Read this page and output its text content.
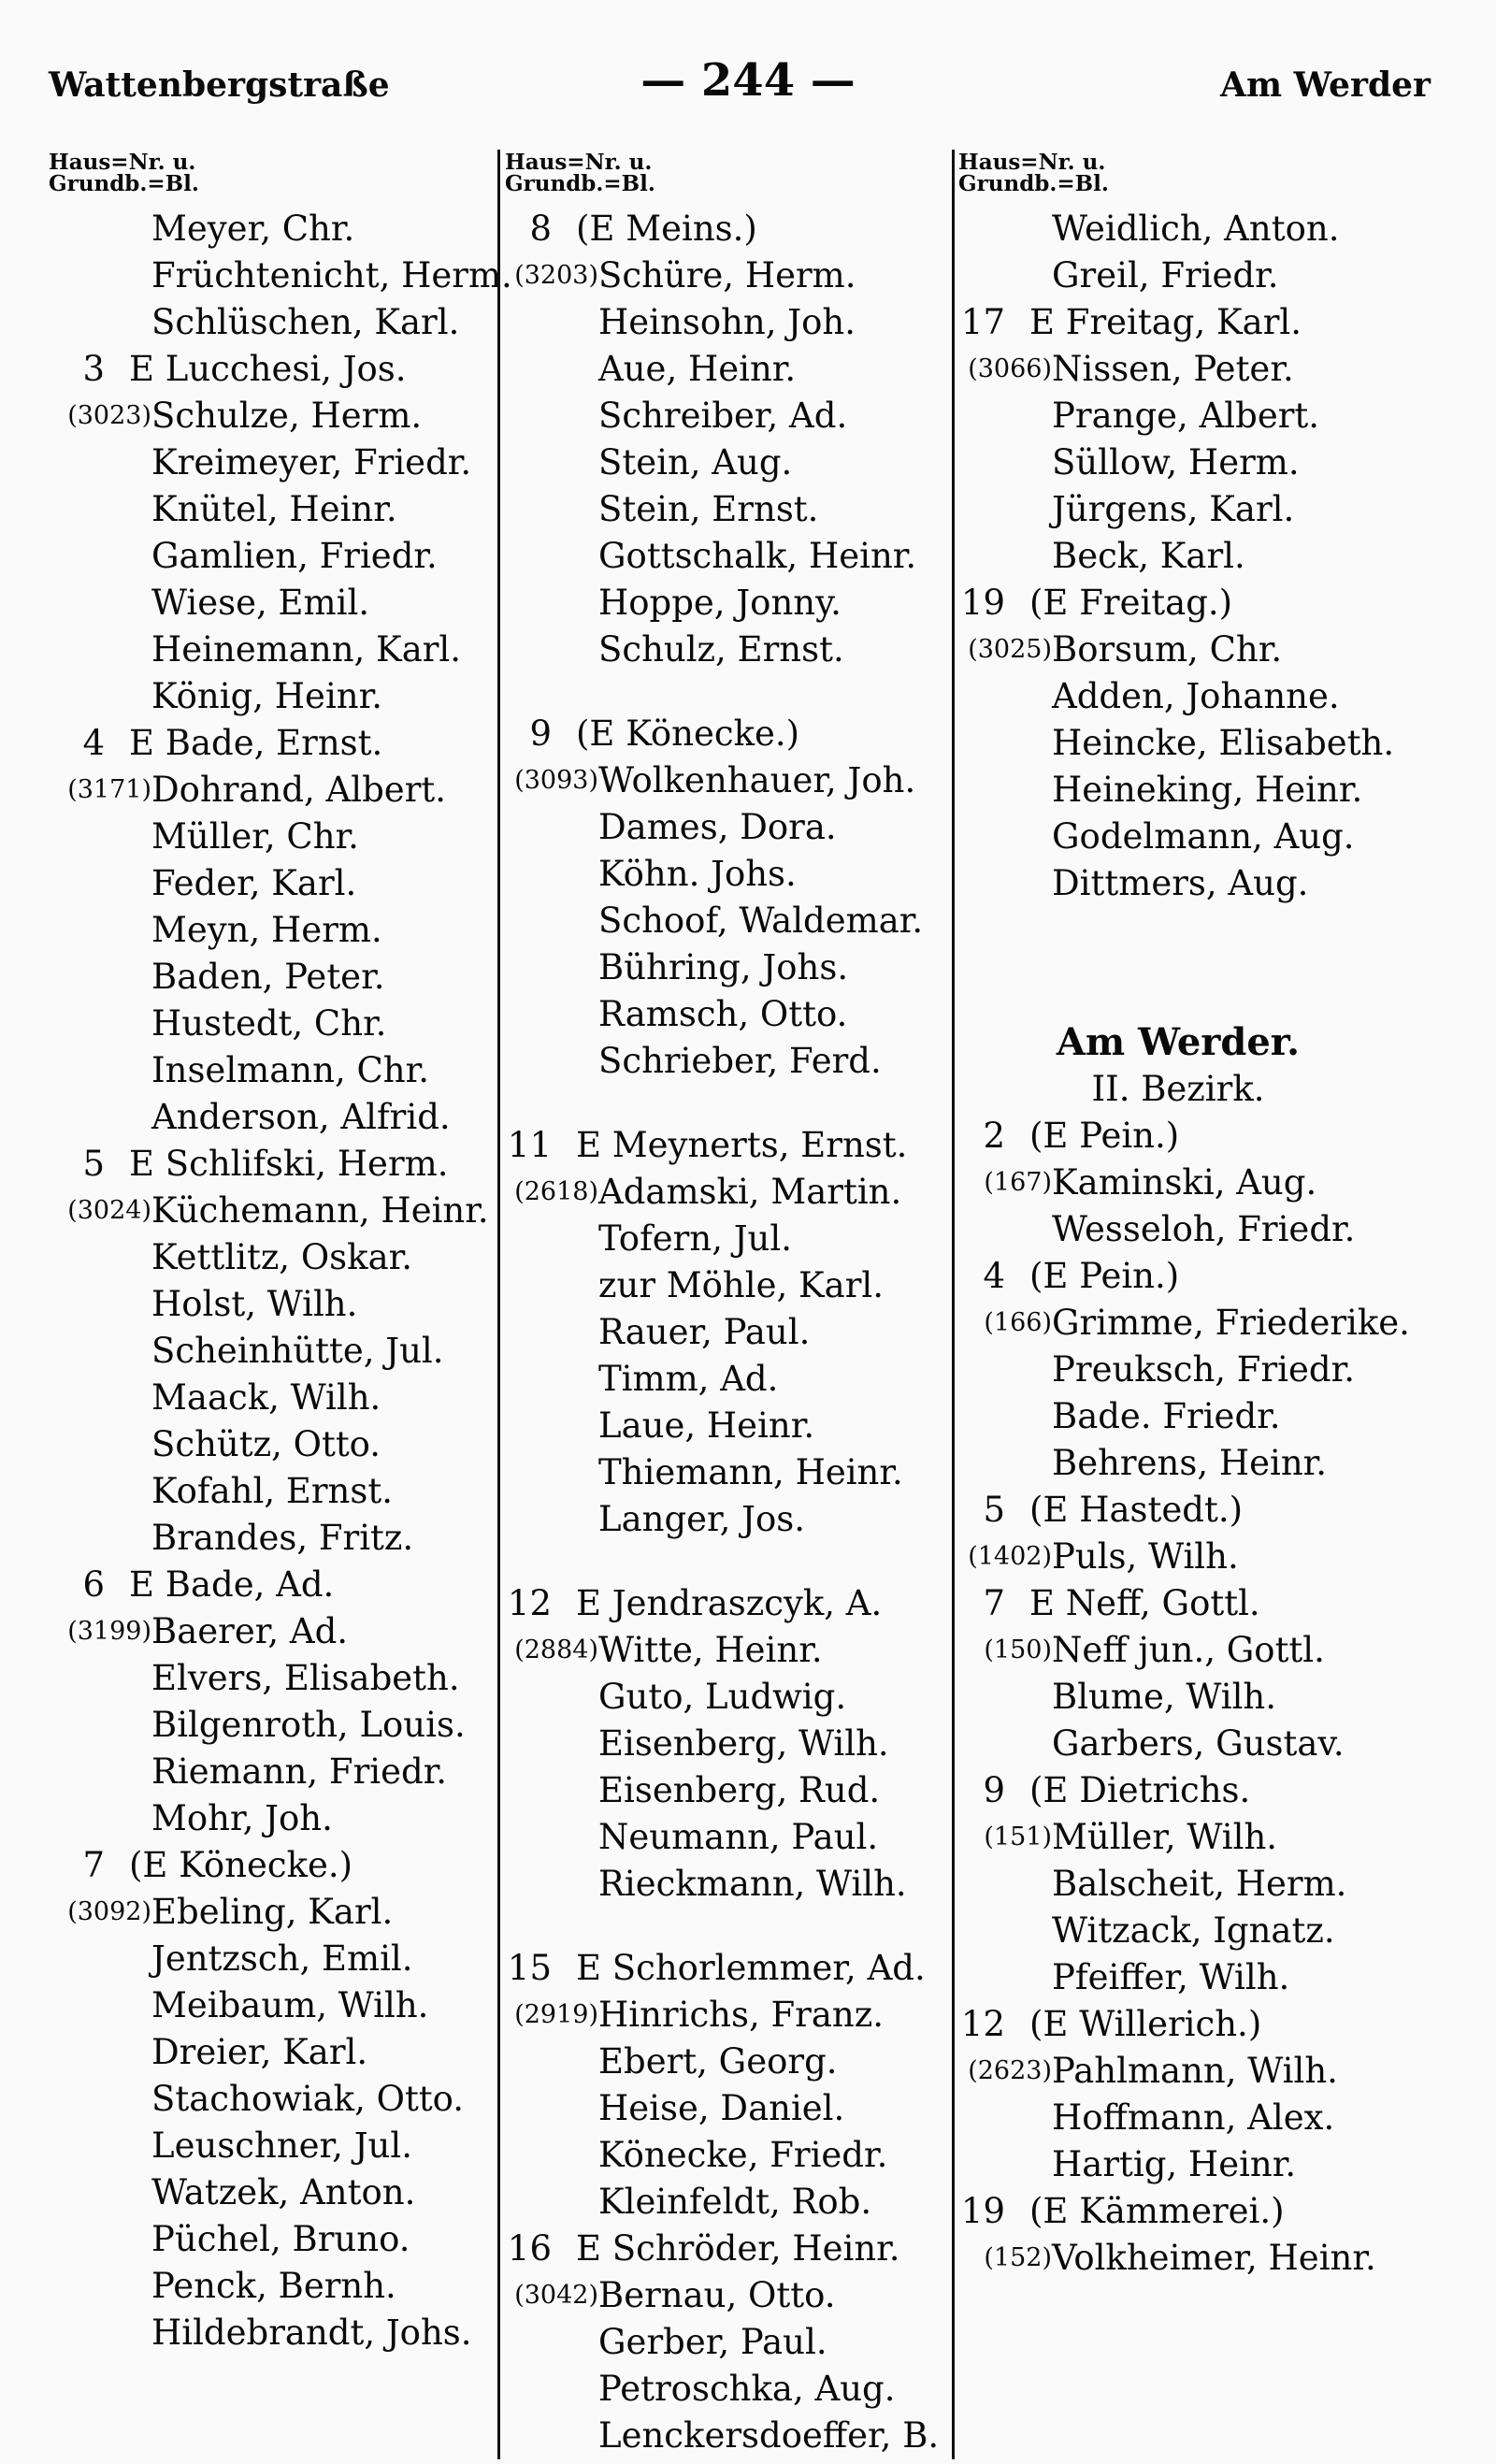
Wattenbergstraße	— 244 —	Am Werder
Haus=Nr. u.
Grundb.=Bl.
Meyer, Chr.
Früchtenicht, Herm.
Schlüschen, Karl.
3 E Lucchesi, Jos.
(3023) Schulze, Herm.
Kreimeyer, Friedr.
Knütel, Heinr.
Gamlien, Friedr.
Wiese, Emil.
Heinemann, Karl.
König, Heinr.
4 E Bade, Ernst.
(3171) Dohrand, Albert.
Müller, Chr.
Feder, Karl.
Meyn, Herm.
Baden, Peter.
Hustedt, Chr.
Inselmann, Chr.
Anderson, Alfrid.
5 E Schlifski, Herm.
(3024) Küchemann, Heinr.
Kettlitz, Oskar.
Holst, Wilh.
Scheinhütte, Jul.
Maack, Wilh.
Schütz, Otto.
Kofahl, Ernst.
Brandes, Fritz.
6 E Bade, Ad.
(3199) Baerer, Ad.
Elvers, Elisabeth.
Bilgenroth, Louis.
Riemann, Friedr.
Mohr, Joh.
7 (E Könecke.)
(3092) Ebeling, Karl.
Jentzsch, Emil.
Meibaum, Wilh.
Dreier, Karl.
Stachowiak, Otto.
Leuschner, Jul.
Watzek, Anton.
Püchel, Bruno.
Penck, Bernh.
Hildebrandt, Johs.
Haus=Nr. u.
Grundb.=Bl.
8 (E Meins.)
(3203) Schüre, Herm.
Heinsohn, Joh.
Aue, Heinr.
Schreiber, Ad.
Stein, Aug.
Stein, Ernst.
Gottschalk, Heinr.
Hoppe, Jonny.
Schulz, Ernst.
9 (E Könecke.)
(3093) Wolkenhauer, Joh.
Dames, Dora.
Köhn. Johs.
Schoof, Waldemar.
Bühring, Johs.
Ramsch, Otto.
Schrieber, Ferd.
11 E Meynerts, Ernst.
(2618) Adamski, Martin.
Tofern, Jul.
zur Möhle, Karl.
Rauer, Paul.
Timm, Ad.
Laue, Heinr.
Thiemann, Heinr.
Langer, Jos.
12 E Jendraszcyk, A.
(2884) Witte, Heinr.
Guto, Ludwig.
Eisenberg, Wilh.
Eisenberg, Rud.
Neumann, Paul.
Rieckmann, Wilh.
15 E Schorlemmer, Ad.
(2919) Hinrichs, Franz.
Ebert, Georg.
Heise, Daniel.
Könecke, Friedr.
Kleinfeldt, Rob.
16 E Schröder, Heinr.
(3042) Bernau, Otto.
Gerber, Paul.
Petroschka, Aug.
Lenckersdoeffer, B.
Haus=Nr. u.
Grundb.=Bl.
Weidlich, Anton.
Greil, Friedr.
17 E Freitag, Karl.
(3066) Nissen, Peter.
Prange, Albert.
Süllow, Herm.
Jürgens, Karl.
Beck, Karl.
19 (E Freitag.)
(3025) Borsum, Chr.
Adden, Johanne.
Heincke, Elisabeth.
Heineking, Heinr.
Godelmann, Aug.
Dittmers, Aug.
Am Werder.
II. Bezirk.
2 (E Pein.)
(167) Kaminski, Aug.
Wesseloh, Friedr.
4 (E Pein.)
(166) Grimme, Friederike.
Preuksch, Friedr.
Bade. Friedr.
Behrens, Heinr.
5 (E Hastedt.)
(1402) Puls, Wilh.
7 E Neff, Gottl.
(150) Neff jun., Gottl.
Blume, Wilh.
Garbers, Gustav.
9 (E Dietrichs.
(151) Müller, Wilh.
Balscheit, Herm.
Witzack, Ignatz.
Pfeiffer, Wilh.
12 (E Willerich.)
(2623) Pahlmann, Wilh.
Hoffmann, Alex.
Hartig, Heinr.
19 (E Kämmerei.)
(152) Volkheimer, Heinr.
